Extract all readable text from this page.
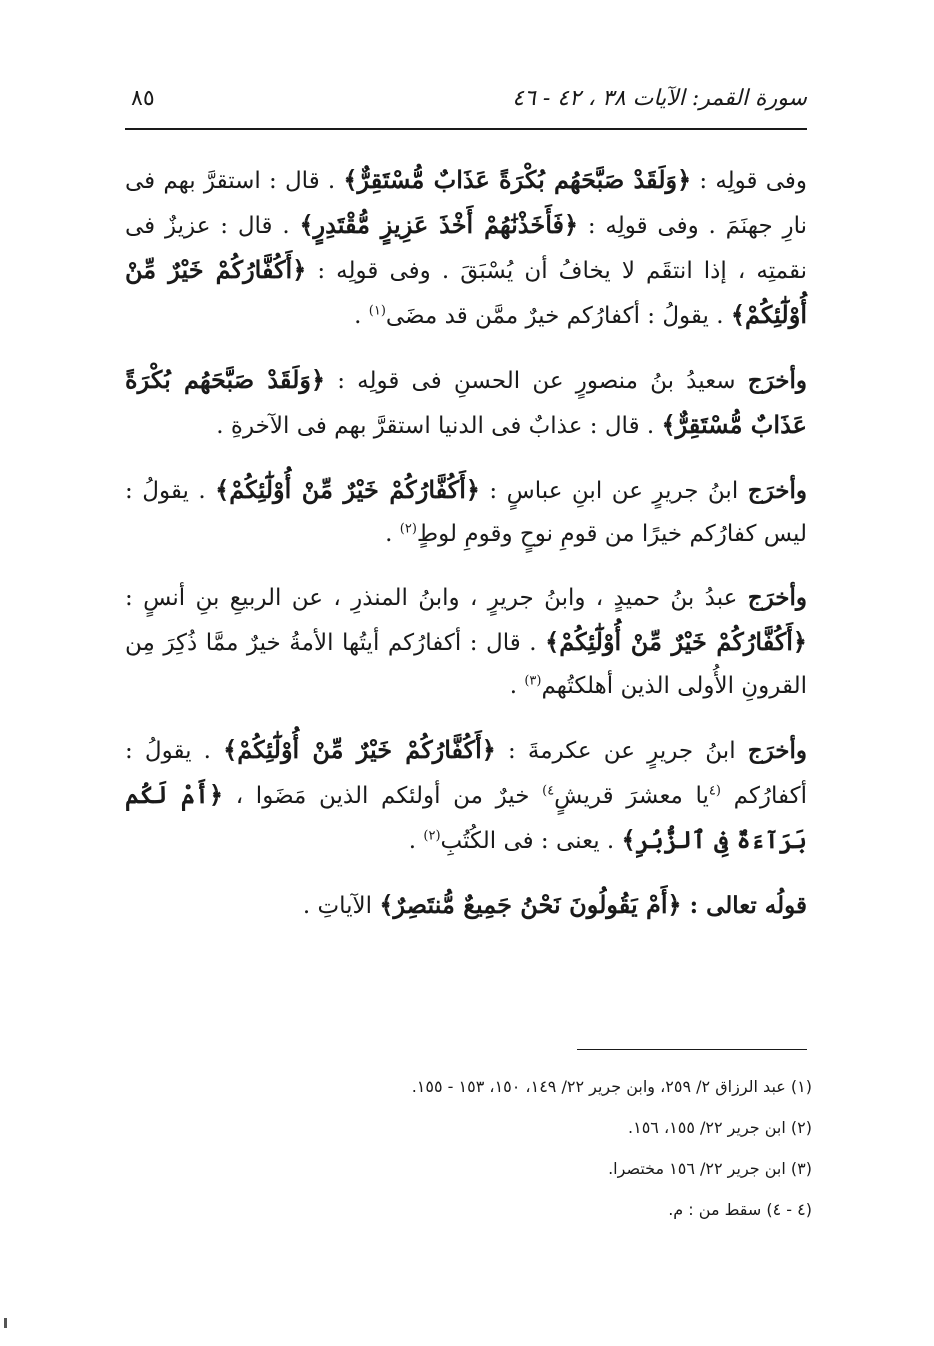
سورة القمر: الآيات ٣٨ ، ٤٢ - ٤٦
٨٥

وفى قولِه : ﴿وَلَقَدْ صَبَّحَهُم بُكْرَةً عَذَابٌ مُّسْتَقِرٌّ﴾ . قال : استقرَّ بهم فى نارِ جهنَمَ . وفى قولِه : ﴿فَأَخَذْنَٰهُمْ أَخْذَ عَزِيزٍ مُّقْتَدِرٍ﴾ . قال : عزيزٌ فى نقمتِه ، إذا انتقَم لا يخافُ أن يُسْبَقَ . وفى قولِه : ﴿أَكُفَّارُكُمْ خَيْرٌ مِّنْ أُوْلَٰٓئِكُمْ﴾ . يقولُ : أكفارُكم خيرٌ ممَّن قد مضَى$^{(١)}$ .

وأخرَج سعيدُ بنُ منصورٍ عن الحسنِ فى قولِه : ﴿وَلَقَدْ صَبَّحَهُم بُكْرَةً عَذَابٌ مُّسْتَقِرٌّ﴾ . قال : عذابٌ فى الدنيا استقرَّ بهم فى الآخرةِ .

وأخرَج ابنُ جريرٍ عن ابنِ عباسٍ : ﴿أَكُفَّارُكُمْ خَيْرٌ مِّنْ أُوْلَٰٓئِكُمْ﴾ . يقولُ : ليس كفارُكم خيرًا من قومِ نوحٍ وقومِ لوطٍ$^{(٢)}$ .

وأخرَج عبدُ بنُ حميدٍ ، وابنُ جريرٍ ، وابنُ المنذرِ ، عن الربيعِ بنِ أنسٍ : ﴿أَكُفَّارُكُمْ خَيْرٌ مِّنْ أُوْلَٰٓئِكُمْ﴾ . قال : أكفارُكم أيتُها الأمةُ خيرٌ ممَّا ذُكِرَ مِن القرونِ الأُولى الذين أهلكتُهم$^{(٣)}$ .

وأخرَج ابنُ جريرٍ عن عكرمةَ : ﴿أَكُفَّارُكُمْ خَيْرٌ مِّنْ أُوْلَٰٓئِكُمْ﴾ . يقولُ : أكفارُكم $^{(٤}$يا معشرَ قريشٍ$^{٤)}$ خيرٌ من أولئكم الذين مَضَوا ، ﴿أَمْ لَكُم بَرَآءَةٌ فِى ٱلزُّبُرِ﴾ . يعنى : فى الكُتُبِ$^{(٢)}$ .

قولُه تعالى : ﴿أَمْ يَقُولُونَ نَحْنُ جَمِيعٌ مُّنتَصِرٌ﴾ الآياتِ .

(١) عبد الرزاق ٢/ ٢٥٩، وابن جرير ٢٢/ ١٤٩، ١٥٠، ١٥٣ - ١٥٥.

(٢) ابن جرير ٢٢/ ١٥٥، ١٥٦.

(٣) ابن جرير ٢٢/ ١٥٦ مختصرا.

(٤ - ٤) سقط من : م.
